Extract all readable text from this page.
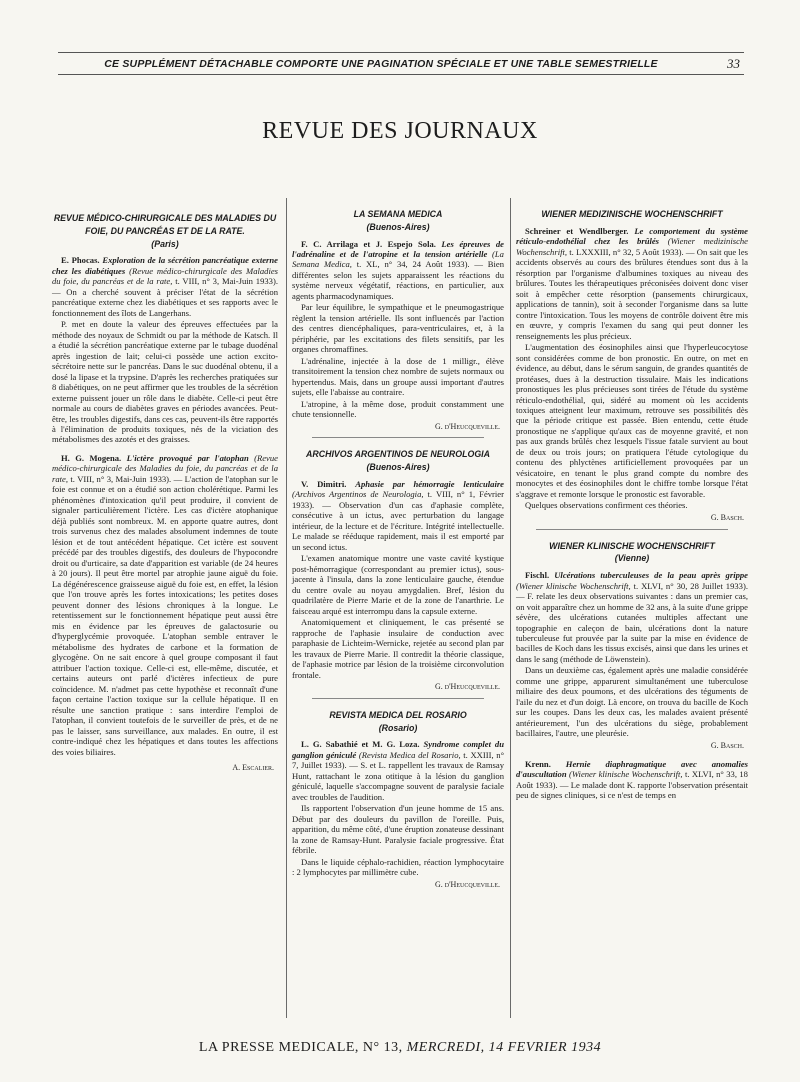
CE SUPPLÉMENT DÉTACHABLE COMPORTE UNE PAGINATION SPÉCIALE ET UNE TABLE SEMESTRIELLE	33
REVUE DES JOURNAUX
REVUE MÉDICO-CHIRURGICALE DES MALADIES DU FOIE, DU PANCRÉAS ET DE LA RATE.
(Paris)

E. Phocas. Exploration de la sécrétion pancréatique externe chez les diabétiques (Revue médico-chirurgicale des Maladies du foie, du pancréas et de la rate, t. VIII, n° 3, Mai-Juin 1933). — On a cherché souvent à préciser l'état de la sécrétion pancréatique externe chez les diabétiques et ses rapports avec le fonctionnement des îlots de Langerhans.

P. met en doute la valeur des épreuves effectuées par la méthode des noyaux de Schmidt ou par la méthode de Katsch. Il a étudié la sécrétion pancréatique externe par le tubage duodénal après ingestion de lait; celui-ci possède une action excito-sécrétoire nette sur le pancréas. Dans le suc duodénal obtenu, il a dosé la lipase et la trypsine. D'après les recherches pratiquées sur 8 diabétiques, on ne peut affirmer que les troubles de la sécrétion externe puissent jouer un rôle dans le diabète. Celle-ci peut être normale au cours de diabètes graves en périodes avancées. Peut-être, les troubles digestifs, dans ces cas, peuvent-ils être rapportés à l'élimination de produits toxiques, nés de la viciation des métabolismes des azotés et des graisses.

H. G. Mogena. L'ictère provoqué par l'atophan (Revue médico-chirurgicale des Maladies du foie, du pancréas et de la rate, t. VIII, n° 3, Mai-Juin 1933). — L'action de l'atophan sur le foie est connue et on a étudié son action cholérétique. Parmi les phénomènes d'intoxication qu'il peut produire, il convient de signaler particulièrement l'ictère. Les cas d'ictère atophanique déjà publiés sont nombreux. M. en apporte quatre autres, dont trois survenus chez des malades absolument indemnes de toute lésion et de tout antécédent hépatique. Cet ictère est souvent précédé par des troubles digestifs, des douleurs de l'hypocondre droit ou d'urticaire, sa date d'apparition est variable (de 24 heures à 20 jours). Il peut être mortel par atrophie jaune aiguë du foie. La dégénérescence graisseuse aiguë du foie est, en effet, la lésion que l'on trouve après les fortes intoxications; les petites doses peuvent donner des lésions chroniques à la longue. Le retentissement sur le fonctionnement hépatique peut aussi être mis en évidence par les épreuves de galactosurie ou d'hyperglycémie provoquée. L'atophan semble entraver le métabolisme des hydrates de carbone et la formation de glycogène. On ne sait encore à quel groupe composant il faut attribuer l'action toxique. Celle-ci est, elle-même, discutée, et certains auteurs ont parlé d'ictères infectieux de pure coïncidence. M. n'admet pas cette hypothèse et reconnaît d'une façon certaine l'action toxique sur la cellule hépatique. Il en résulte une sanction pratique : sans interdire l'emploi de l'atophan, il convient toutefois de le surveiller de près, et de ne pas le laisser, sans surveillance, aux malades. En outre, il est contre-indiqué chez les hépatiques et dans toutes les affections des voies biliaires.

A. Escalier.
LA SEMANA MEDICA
(Buenos-Aires)

F. C. Arrilaga et J. Espejo Sola. Les épreuves de l'adrénaline et de l'atropine et la tension artérielle (La Semana Medica, t. XL, n° 34, 24 Août 1933). — Bien différentes selon les sujets apparaissent les réactions du système nerveux végétatif, réactions, en particulier, aux agents pharmacodynamiques.

Par leur équilibre, le sympathique et le pneumogastrique règlent la tension artérielle. Ils sont influencés par l'action des centres diencéphaliques, para-ventriculaires, et, à la périphérie, par les excitations des filets sensitifs, par les organes chromaffines.

L'adrénaline, injectée à la dose de 1 milligr., élève transitoirement la tension chez nombre de sujets normaux ou hypertendus. Mais, dans un groupe aussi important d'autres sujets, elle l'abaisse au contraire.

L'atropine, à la même dose, produit constamment une chute tensionnelle.

G. d'Heucqueville.
ARCHIVOS ARGENTINOS DE NEUROLOGIA
(Buenos-Aires)

V. Dimitri. Aphasie par hémorragie lenticulaire (Archivos Argentinos de Neurologia, t. VIII, n° 1, Février 1933). — Observation d'un cas d'aphasie complète, consécutive à un ictus, avec perturbation du langage intérieur, de la lecture et de l'écriture. Intégrité intellectuelle. Le malade se rééduque rapidement, mais il est emporté par un second ictus.

L'examen anatomique montre une vaste cavité kystique post-hémorragique (correspondant au premier ictus), sous-jacente à l'insula, dans la zone lenticulaire gauche, étendue du centre ovale au noyau amygdalien. Bref, lésion du quadrilatère de Pierre Marie et de la zone de l'anarthrie. Le faisceau arqué est interrompu dans la capsule externe.

Anatomiquement et cliniquement, le cas présenté se rapproche de l'aphasie insulaire de conduction avec paraphasie de Lichteim-Wernicke, rejetée au second plan par les travaux de Pierre Marie. Il contredit la théorie classique, de l'aphasie motrice par lésion de la troisième circonvolution frontale.

G. d'Heucqueville.
REVISTA MEDICA DEL ROSARIO
(Rosario)

L. G. Sabathié et M. G. Loza. Syndrome complet du ganglion géniculé (Revista Medica del Rosario, t. XXIII, n° 7, Juillet 1933). — S. et L. rappellent les travaux de Ramsay Hunt, rattachant le zona otitique à la lésion du ganglion géniculé, laquelle s'accompagne souvent de paralysie faciale avec troubles de l'audition.

Ils rapportent l'observation d'un jeune homme de 15 ans. Début par des douleurs du pavillon de l'oreille. Puis, apparition, du même côté, d'une éruption zonateuse dessinant la zone de Ramsay-Hunt. Paralysie faciale progressive. État fébrile.

Dans le liquide céphalo-rachidien, réaction lymphocytaire : 2 lymphocytes par millimètre cube.

G. d'Heucqueville.
WIENER MEDIZINISCHE WOCHENSCHRIFT

Schreiner et Wendlberger. Le comportement du système réticulo-endothélial chez les brûlés (Wiener medizinische Wochenschrift, t. LXXXIII, n° 32, 5 Août 1933). — On sait que les accidents observés au cours des brûlures étendues sont dus à la résorption par l'organisme d'albumines toxiques au niveau des brûlures. Toutes les thérapeutiques préconisées doivent donc viser soit à empêcher cette résorption (pansements chirurgicaux, applications de tannin), soit à seconder l'organisme dans sa lutte contre l'intoxication. Tous les moyens de contrôle doivent être mis en œuvre, y compris l'examen du sang qui peut donner les renseignements les plus précieux.

L'augmentation des éosinophiles ainsi que l'hyperleucocytose sont considérées comme de bon pronostic. En outre, on met en évidence, au début, dans le sérum sanguin, de grandes quantités de protéases, dues à la destruction tissulaire. Mais les indications pronostiques les plus précieuses sont tirées de l'étude du système réticulo-endothélial, qui, sidéré au moment où les accidents toxiques atteignent leur maximum, retrouve ses possibilités dès que la période critique est passée. Bien entendu, cette étude pronostique ne s'applique qu'aux cas de moyenne gravité, et non pas aux grands brûlés chez lesquels l'issue fatale survient au bout de deux ou trois jours; on pratiquera l'étude cytologique du contenu des phlyctènes artificiellement provoquées par un vésicatoire, en tenant le plus grand compte du nombre des monocytes et des éosinophiles dont le chiffre tombe lorsque l'état s'aggrave et remonte lorsque le pronostic est favorable.

Quelques observations confirment ces théories.

G. Basch.
WIENER KLINISCHE WOCHENSCHRIFT
(Vienne)

Fischl. Ulcérations tuberculeuses de la peau après grippe (Wiener klinische Wochenschrift, t. XLVI, n° 30, 28 Juillet 1933). — F. relate les deux observations suivantes : dans un premier cas, on voit apparaître chez un homme de 32 ans, à la suite d'une grippe sévère, des ulcérations cutanées multiples affectant une topographie en caleçon de bain, ulcérations dont la nature tuberculeuse fut prouvée par la suite par la mise en évidence de bacilles de Koch dans les tissus excisés, ainsi que dans les urines et dans le sang (méthode de Löwenstein).

Dans un deuxième cas, également après une maladie considérée comme une grippe, apparurent simultanément une tuberculose miliaire des deux poumons, et des ulcérations des téguments de l'aile du nez et d'un doigt. Là encore, on trouva du bacille de Koch sur les coupes. Dans les deux cas, les malades avaient présenté antérieurement, l'un des ulcérations du siège, probablement bacillaires, l'autre, une pleurésie.

G. Basch.

Krenn. Hernie diaphragmatique avec anomalies d'auscultation (Wiener klinische Wochenschrift, t. XLVI, n° 33, 18 Août 1933). — Le malade dont K. rapporte l'observation présentait peu de signes cliniques, si ce n'est de temps en

LA PRESSE MEDICALE, N° 13, MERCREDI, 14 FEVRIER 1934
